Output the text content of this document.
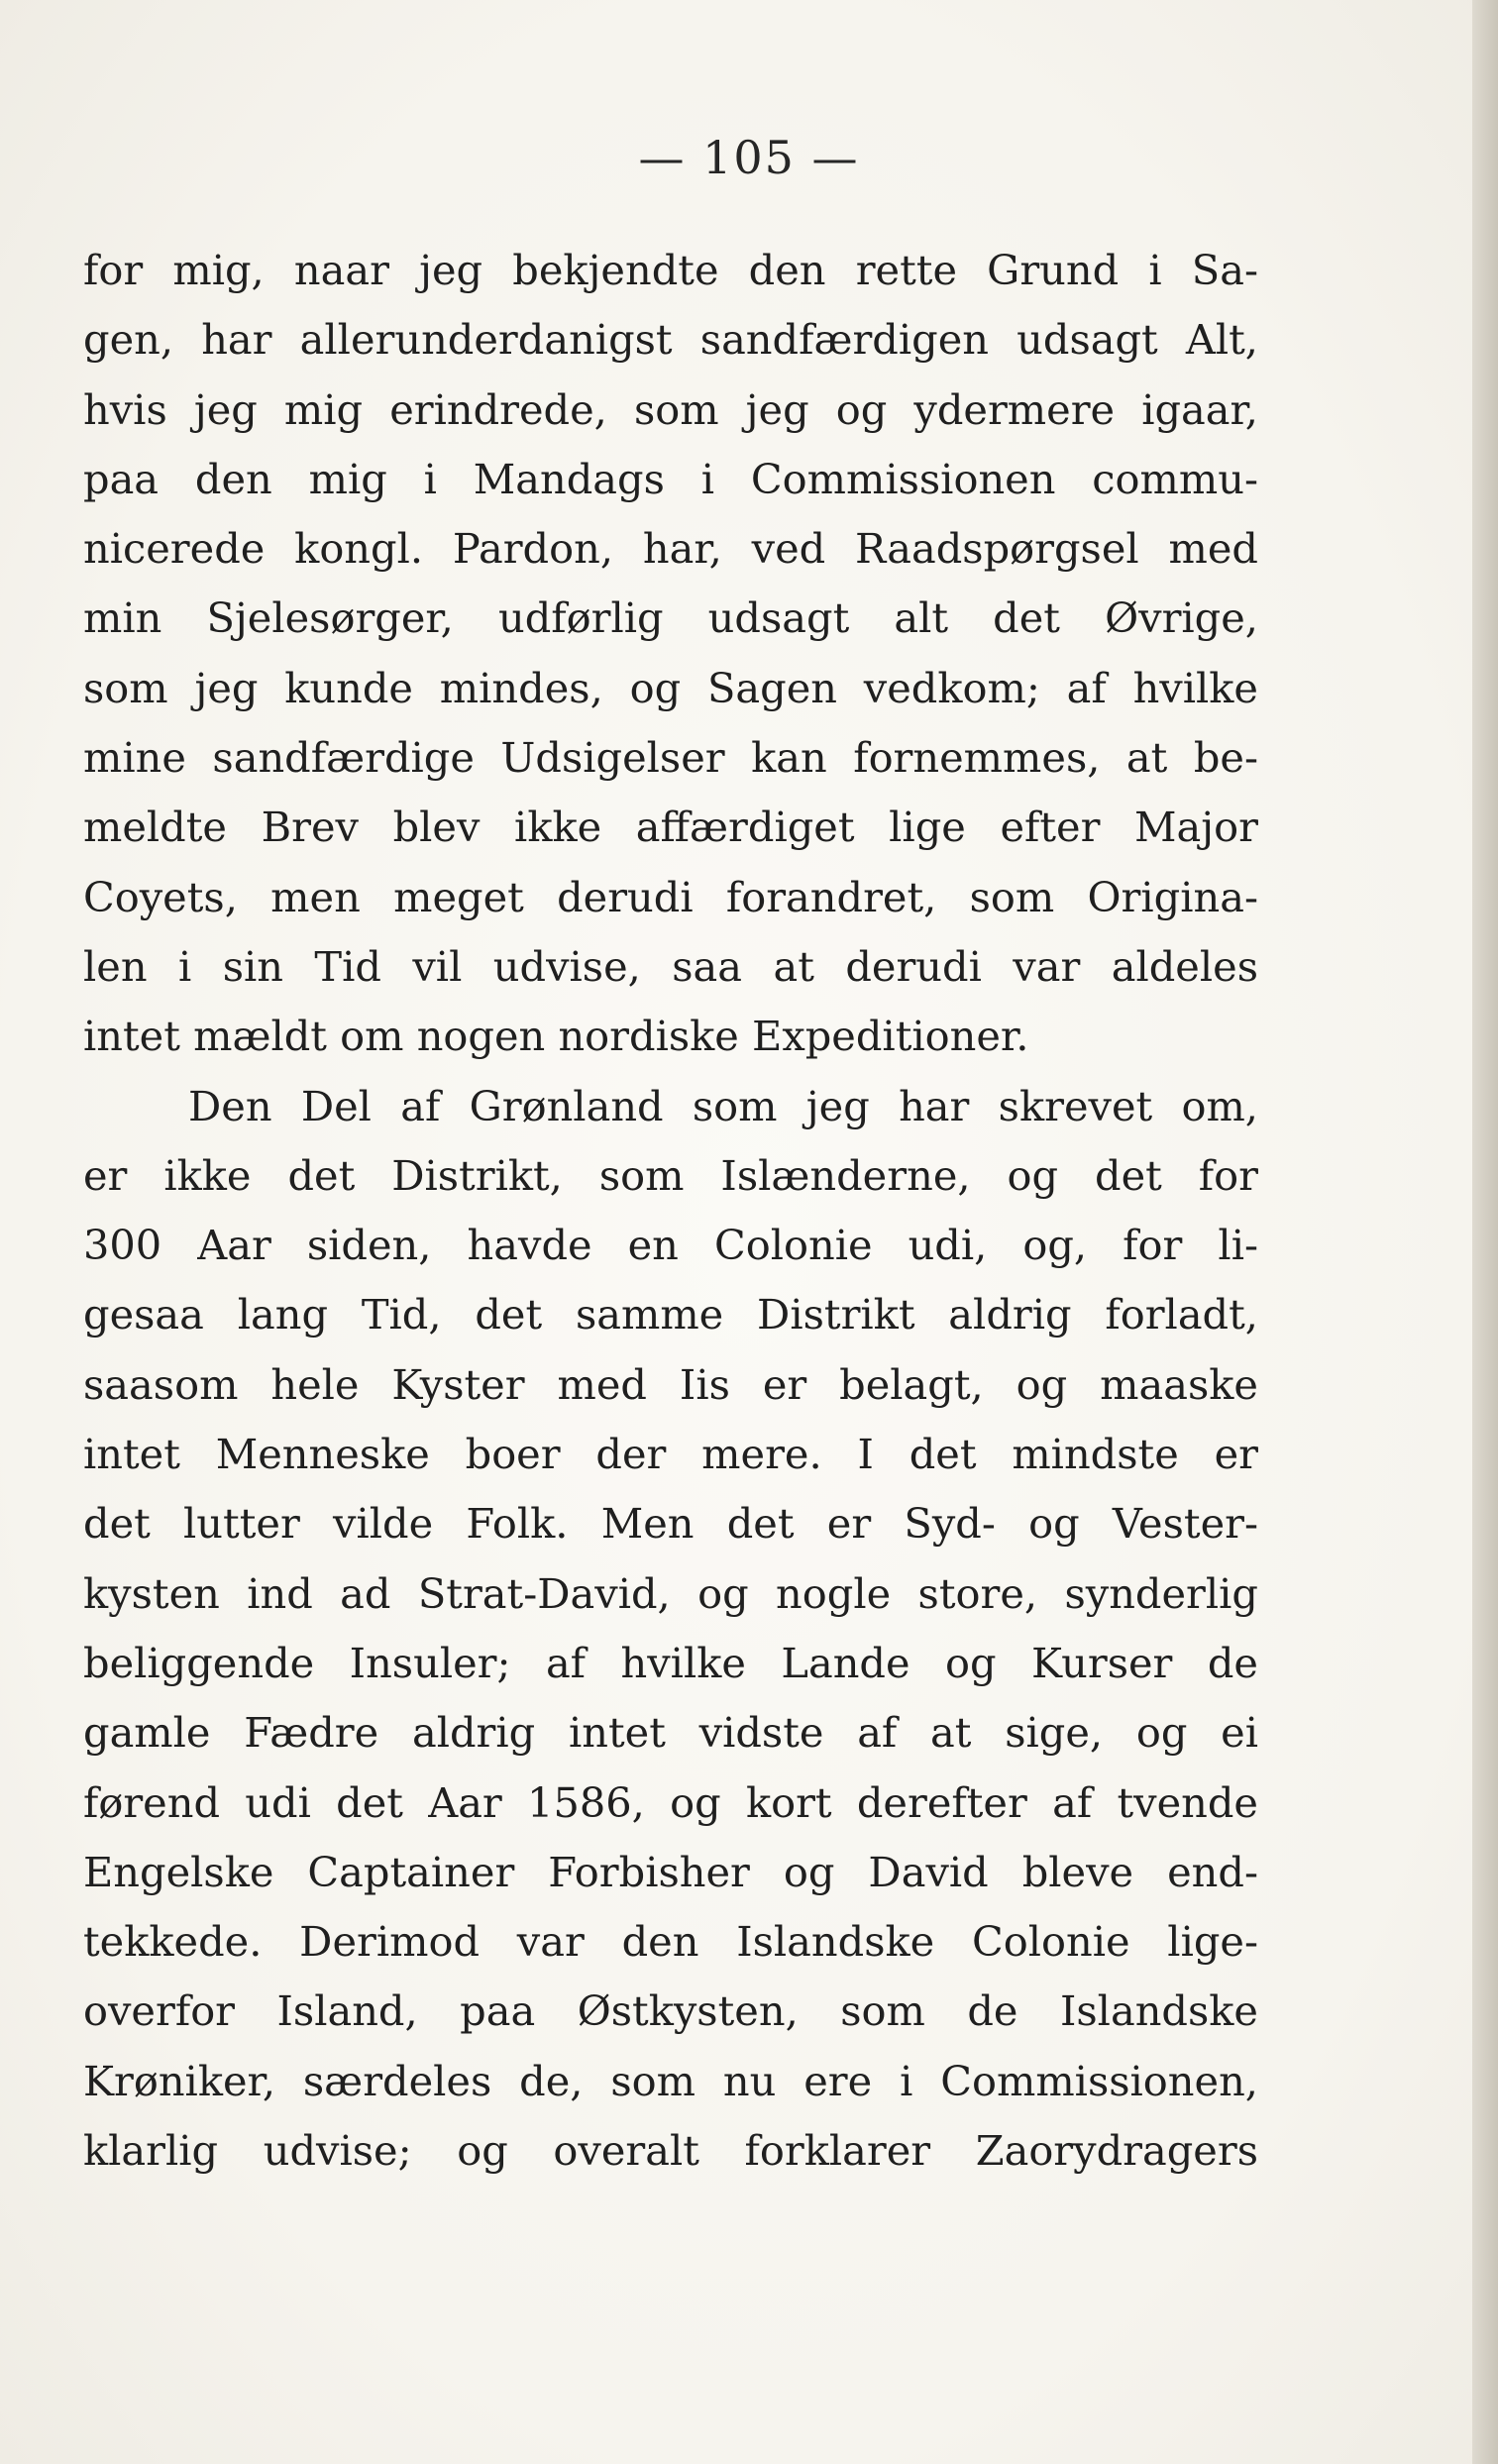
— 105 —
for mig, naar jeg bekjendte den rette Grund i Sa-
gen, har allerunderdanigst sandfærdigen udsagt Alt,
hvis jeg mig erindrede, som jeg og ydermere igaar,
paa den mig i Mandags i Commissionen commu-
nicerede kongl. Pardon, har, ved Raadspørgsel med
min Sjelesørger, udførlig udsagt alt det Øvrige,
som jeg kunde mindes, og Sagen vedkom; af hvilke
mine sandfærdige Udsigelser kan fornemmes, at be-
meldte Brev blev ikke affærdiget lige efter Major
Coyets, men meget derudi forandret, som Origina-
len i sin Tid vil udvise, saa at derudi var aldeles
intet mældt om nogen nordiske Expeditioner.
Den Del af Grønland som jeg har skrevet om,
er ikke det Distrikt, som Islænderne, og det for
300 Aar siden, havde en Colonie udi, og, for li-
gesaa lang Tid, det samme Distrikt aldrig forladt,
saasom hele Kyster med Iis er belagt, og maaske
intet Menneske boer der mere. I det mindste er
det lutter vilde Folk. Men det er Syd- og Vester-
kysten ind ad Strat-David, og nogle store, synderlig
beliggende Insuler; af hvilke Lande og Kurser de
gamle Fædre aldrig intet vidste af at sige, og ei
førend udi det Aar 1586, og kort derefter af tvende
Engelske Captainer Forbisher og David bleve end-
tekkede. Derimod var den Islandske Colonie lige-
overfor Island, paa Østkysten, som de Islandske
Krøniker, særdeles de, som nu ere i Commissionen,
klarlig udvise; og overalt forklarer Zaorydragers
